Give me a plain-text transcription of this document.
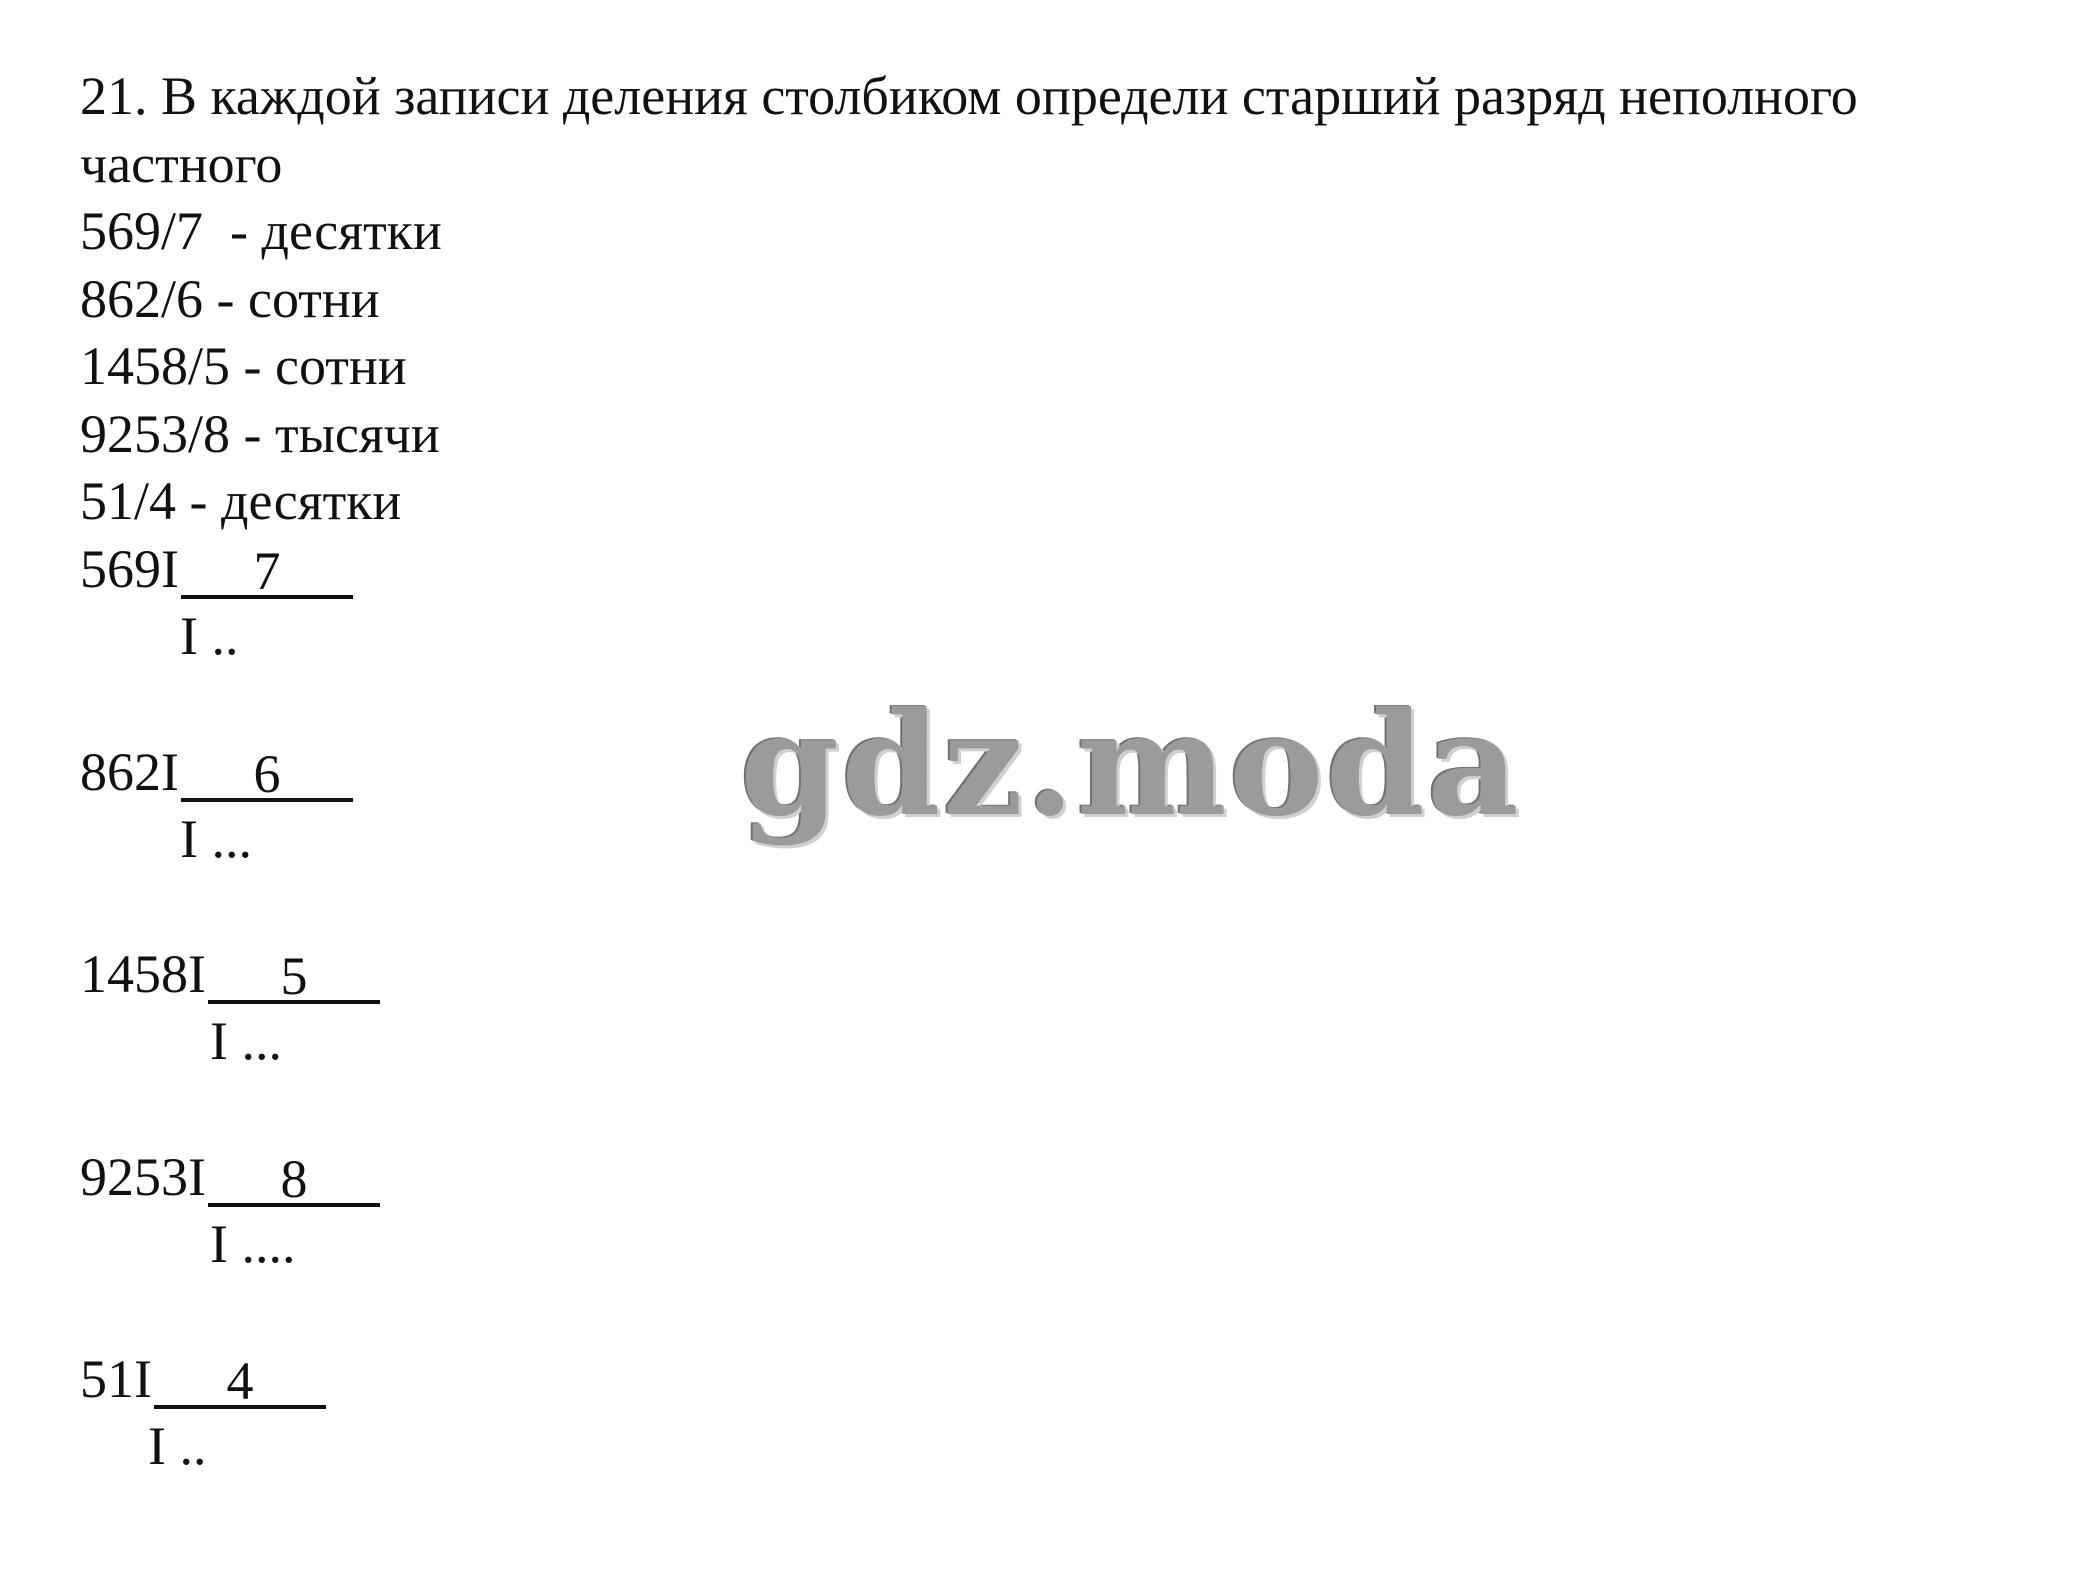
21. В каждой записи деления столбиком определи старший разряд неполного
частного
569/7  - десятки
862/6 - сотни
1458/5 - сотни
9253/8 - тысячи
51/4 - десятки

569 I	7

I ..

862 I	6

I ...

1458 I	5

I ...

9253 I	8

I ....

51 I	4

I ..

gdz.moda
